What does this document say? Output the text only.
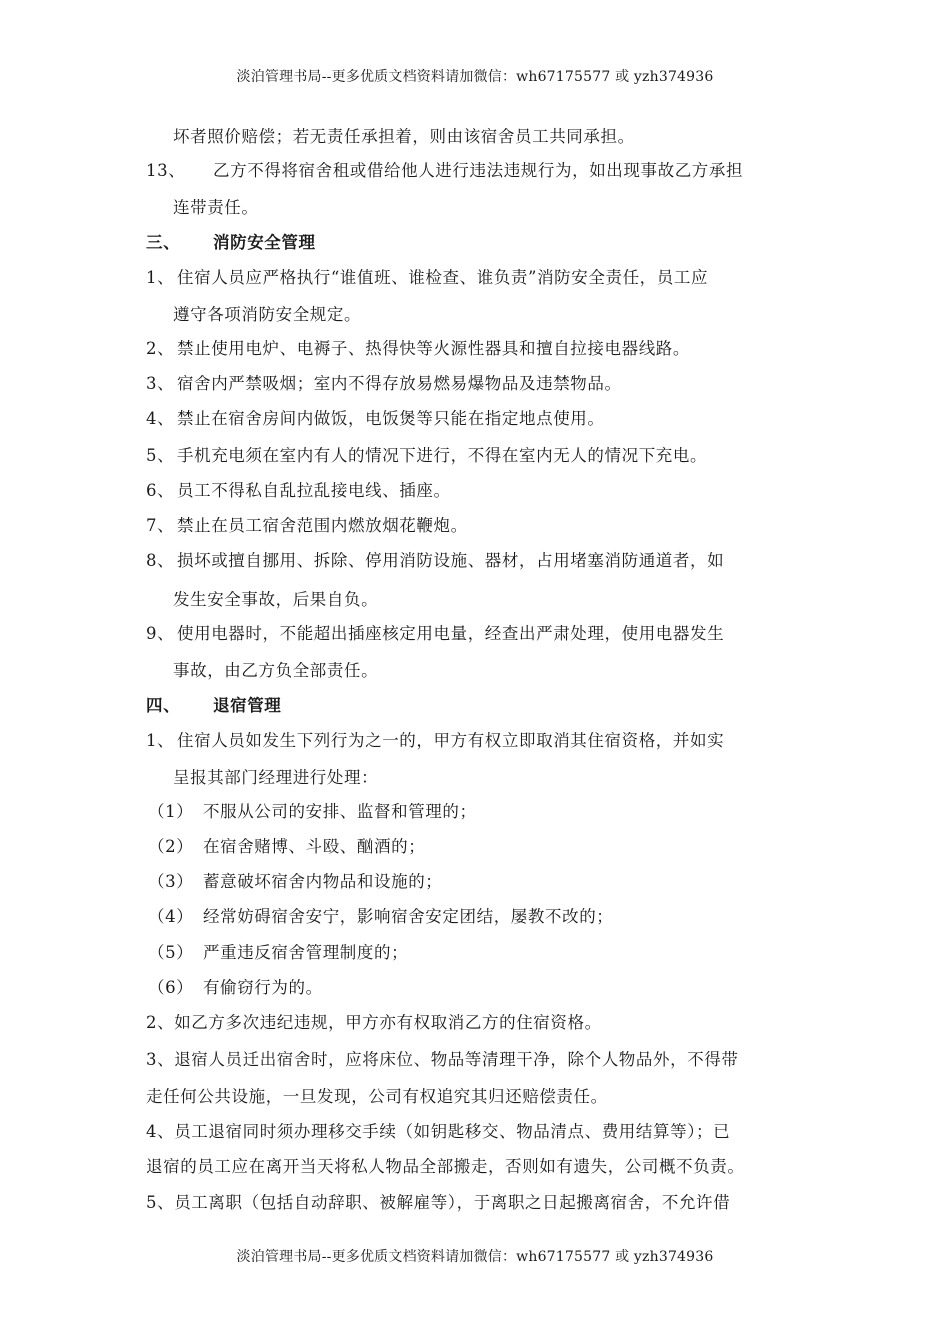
淡泊管理书局--更多优质文档资料请加微信：wh67175577 或 yzh374936
坏者照价赔偿；若无责任承担着，则由该宿舍员工共同承担。
13、 乙方不得将宿舍租或借给他人进行违法违规行为，如出现事故乙方承担
连带责任。
三、 消防安全管理
1、 住宿人员应严格执行“谁值班、谁检查、谁负责”消防安全责任，员工应
遵守各项消防安全规定。
2、 禁止使用电炉、电褥子、热得快等火源性器具和擅自拉接电器线路。
3、 宿舍内严禁吸烟；室内不得存放易燃易爆物品及违禁物品。
4、 禁止在宿舍房间内做饭，电饭煲等只能在指定地点使用。
5、 手机充电须在室内有人的情况下进行，不得在室内无人的情况下充电。
6、 员工不得私自乱拉乱接电线、插座。
7、 禁止在员工宿舍范围内燃放烟花鞭炮。
8、 损坏或擅自挪用、拆除、停用消防设施、器材，占用堵塞消防通道者，如
发生安全事故，后果自负。
9、 使用电器时，不能超出插座核定用电量，经查出严肃处理，使用电器发生
事故，由乙方负全部责任。
四、 退宿管理
1、 住宿人员如发生下列行为之一的，甲方有权立即取消其住宿资格，并如实
呈报其部门经理进行处理：
（1） 不服从公司的安排、监督和管理的；
（2） 在宿舍赌博、斗殴、酗酒的；
（3） 蓄意破坏宿舍内物品和设施的；
（4） 经常妨碍宿舍安宁，影响宿舍安定团结，屡教不改的；
（5） 严重违反宿舍管理制度的；
（6） 有偷窃行为的。
2、如乙方多次违纪违规，甲方亦有权取消乙方的住宿资格。
3、退宿人员迁出宿舍时，应将床位、物品等清理干净，除个人物品外，不得带
走任何公共设施，一旦发现，公司有权追究其归还赔偿责任。
4、员工退宿同时须办理移交手续（如钥匙移交、物品清点、费用结算等）；已
退宿的员工应在离开当天将私人物品全部搬走，否则如有遗失，公司概不负责。
5、员工离职（包括自动辞职、被解雇等），于离职之日起搬离宿舍，不允许借
淡泊管理书局--更多优质文档资料请加微信：wh67175577 或 yzh374936
